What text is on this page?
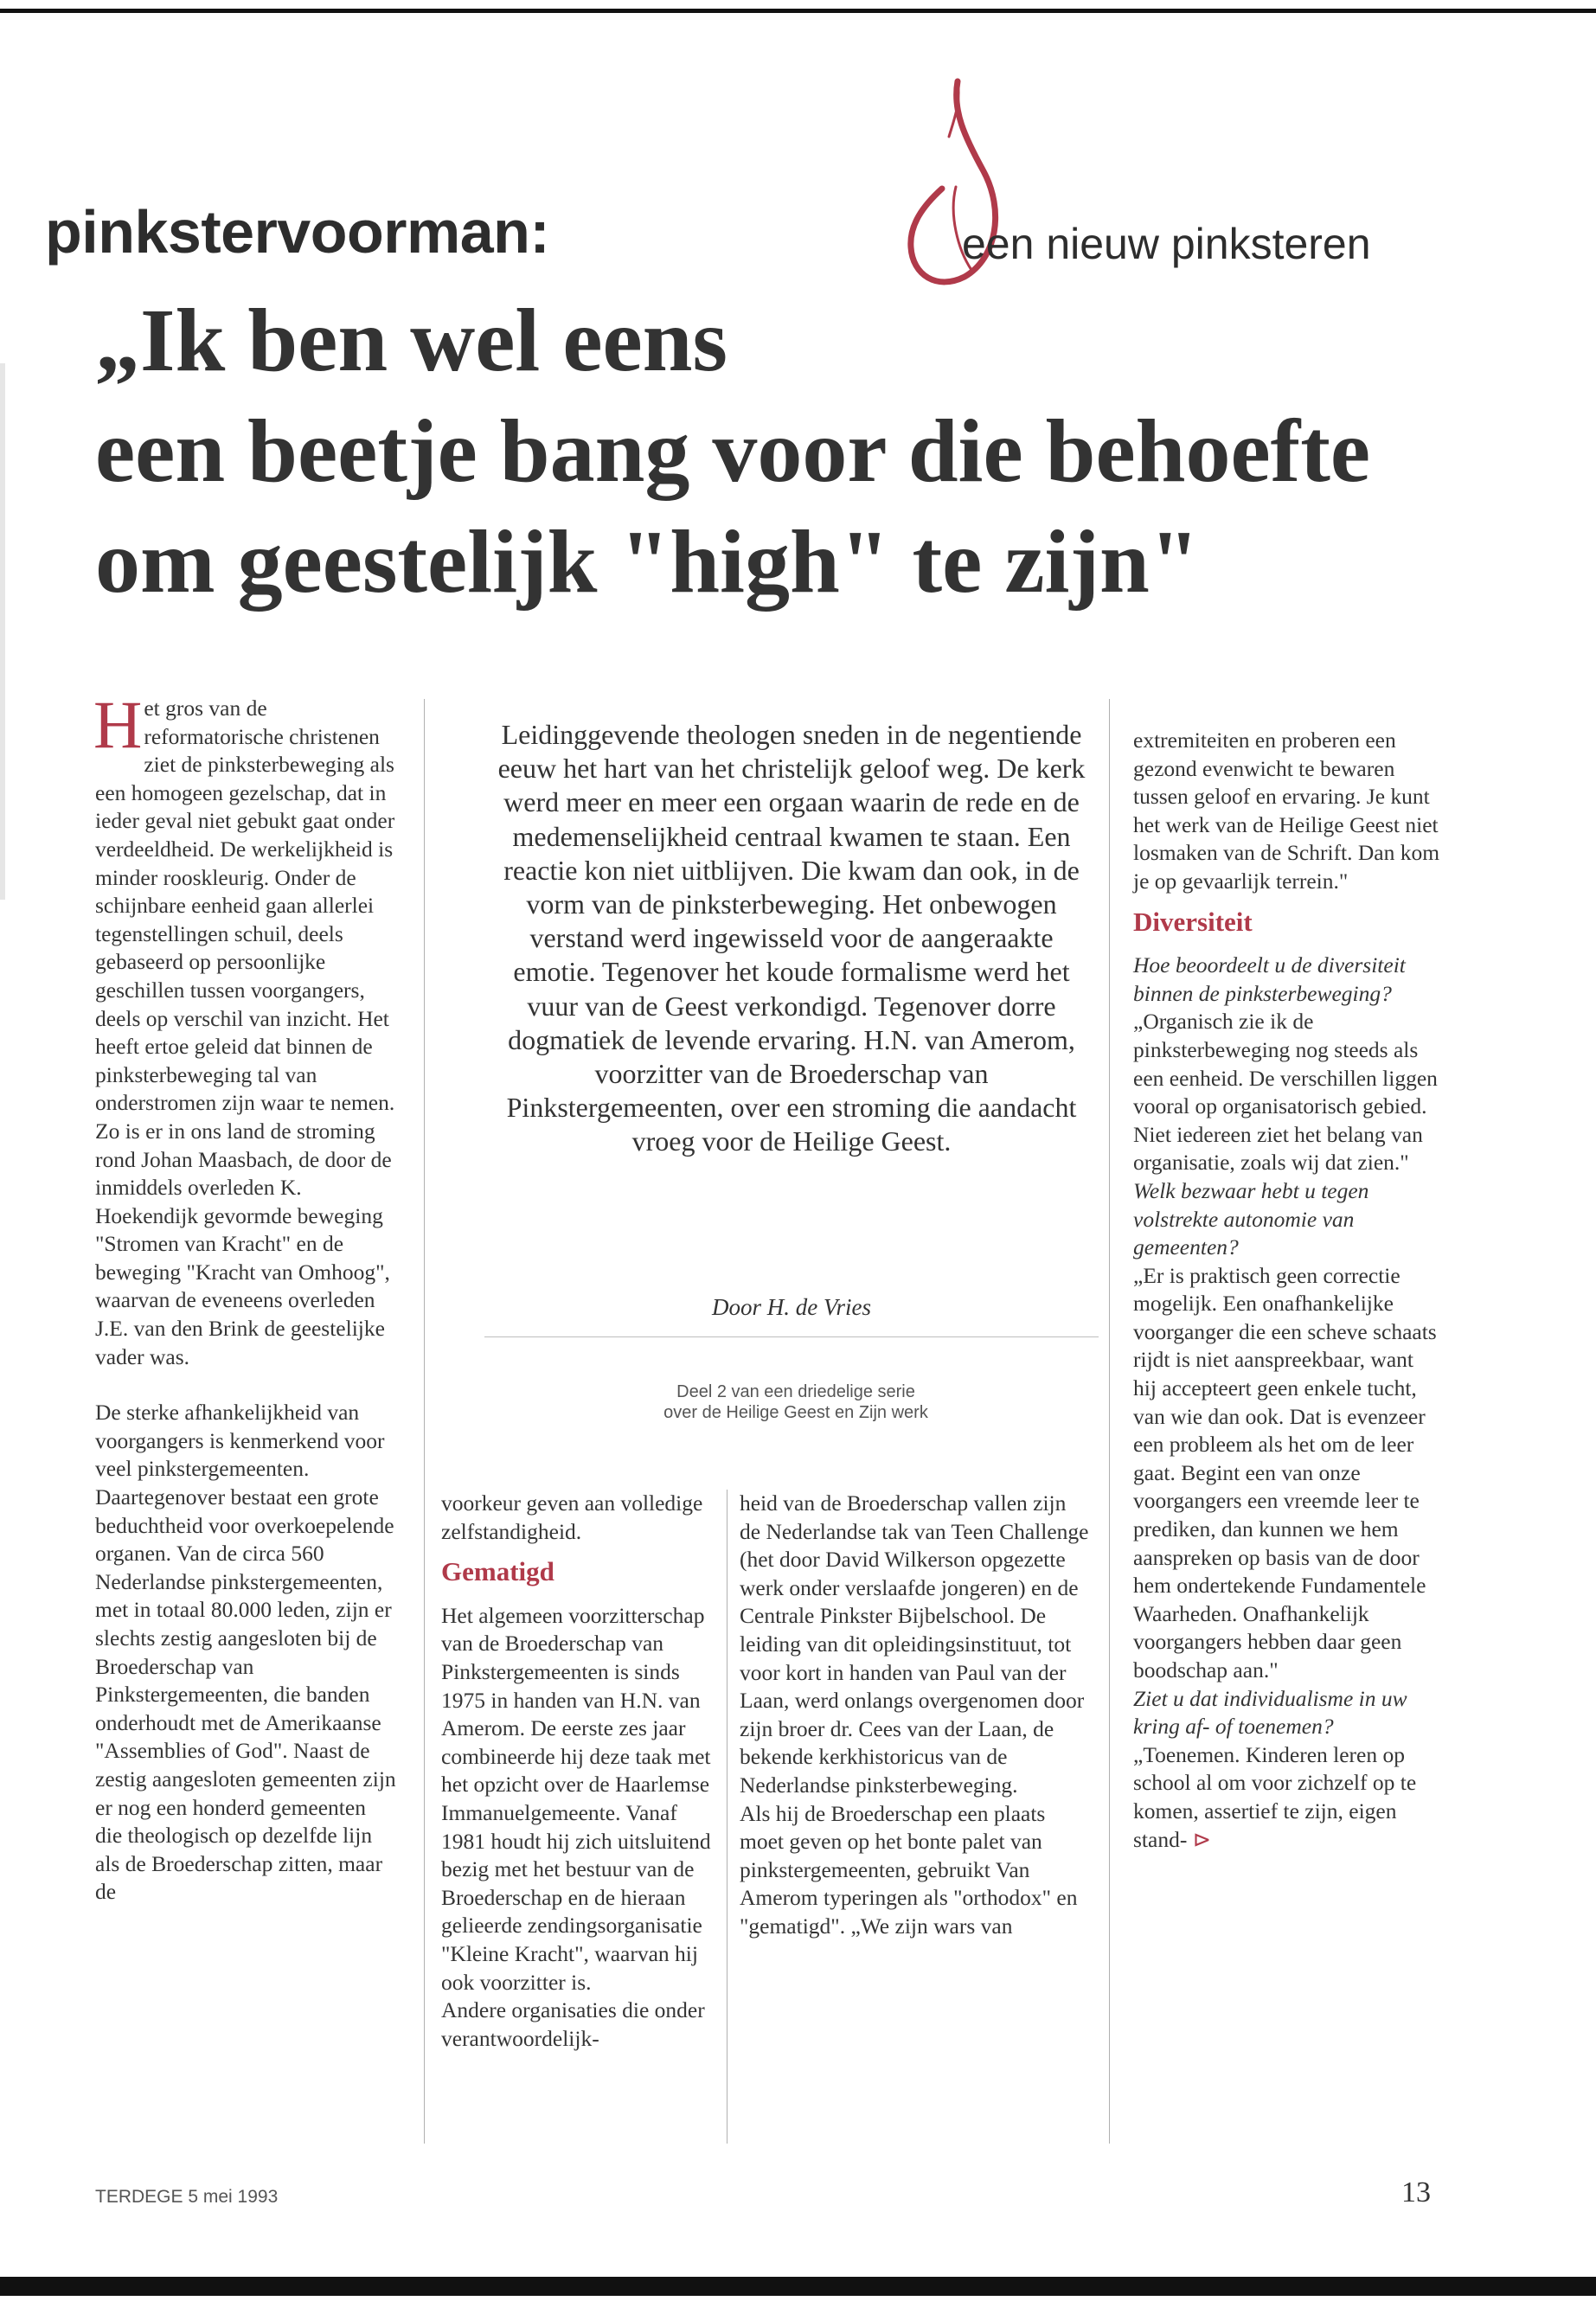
pinkstervoorman:	een nieuw pinksteren
„Ik ben wel eens
een beetje bang voor die behoefte
om geestelijk "high" te zijn"

Het gros van de reformatorische christenen ziet de pinksterbeweging als een homogeen gezelschap, dat in ieder geval niet gebukt gaat onder verdeeldheid. De werkelijkheid is minder rooskleurig. Onder de schijnbare eenheid gaan allerlei tegenstellingen schuil, deels gebaseerd op persoonlijke geschillen tussen voorgangers, deels op verschil van inzicht. Het heeft ertoe geleid dat binnen de pinksterbeweging tal van onderstromen zijn waar te nemen. Zo is er in ons land de stroming rond Johan Maasbach, de door de inmiddels overleden K. Hoekendijk gevormde beweging "Stromen van Kracht" en de beweging "Kracht van Omhoog", waarvan de eveneens overleden J.E. van den Brink de geestelijke vader was.

De sterke afhankelijkheid van voorgangers is kenmerkend voor veel pinkstergemeenten. Daartegenover bestaat een grote beduchtheid voor overkoepelende organen. Van de circa 560 Nederlandse pinkstergemeenten, met in totaal 80.000 leden, zijn er slechts zestig aangesloten bij de Broederschap van Pinkstergemeenten, die banden onderhoudt met de Amerikaanse "Assemblies of God". Naast de zestig aangesloten gemeenten zijn er nog een honderd gemeenten die theologisch op dezelfde lijn als de Broederschap zitten, maar de

Leidinggevende theologen sneden in de negentiende eeuw het hart van het christelijk geloof weg. De kerk werd meer en meer een orgaan waarin de rede en de medemenselijkheid centraal kwamen te staan. Een reactie kon niet uitblijven. Die kwam dan ook, in de vorm van de pinksterbeweging. Het onbewogen verstand werd ingewisseld voor de aangeraakte emotie. Tegenover het koude formalisme werd het vuur van de Geest verkondigd. Tegenover dorre dogmatiek de levende ervaring. H.N. van Amerom, voorzitter van de Broederschap van Pinkstergemeenten, over een stroming die aandacht vroeg voor de Heilige Geest.
Door H. de Vries
Deel 2 van een driedelige serie
over de Heilige Geest en Zijn werk

voorkeur geven aan volledige zelfstandigheid.

Gematigd

Het algemeen voorzitterschap van de Broederschap van Pinkstergemeenten is sinds 1975 in handen van H.N. van Amerom. De eerste zes jaar combineerde hij deze taak met het opzicht over de Haarlemse Immanuelgemeente. Vanaf 1981 houdt hij zich uitsluitend bezig met het bestuur van de Broederschap en de hieraan gelieerde zendingsorganisatie "Kleine Kracht", waarvan hij ook voorzitter is.

Andere organisaties die onder verantwoordelijk-

heid van de Broederschap vallen zijn de Nederlandse tak van Teen Challenge (het door David Wilkerson opgezette werk onder verslaafde jongeren) en de Centrale Pinkster Bijbelschool. De leiding van dit opleidingsinstituut, tot voor kort in handen van Paul van der Laan, werd onlangs overgenomen door zijn broer dr. Cees van der Laan, de bekende kerkhistoricus van de Nederlandse pinksterbeweging.

Als hij de Broederschap een plaats moet geven op het bonte palet van pinkstergemeenten, gebruikt Van Amerom typeringen als "orthodox" en "gematigd". „We zijn wars van

extremiteiten en proberen een gezond evenwicht te bewaren tussen geloof en ervaring. Je kunt het werk van de Heilige Geest niet losmaken van de Schrift. Dan kom je op gevaarlijk terrein."

Diversiteit

Hoe beoordeelt u de diversiteit binnen de pinksterbeweging?

„Organisch zie ik de pinksterbeweging nog steeds als een eenheid. De verschillen liggen vooral op organisatorisch gebied. Niet iedereen ziet het belang van organisatie, zoals wij dat zien."

Welk bezwaar hebt u tegen volstrekte autonomie van gemeenten?

„Er is praktisch geen correctie mogelijk. Een onafhankelijke voorganger die een scheve schaats rijdt is niet aanspreekbaar, want hij accepteert geen enkele tucht, van wie dan ook. Dat is evenzeer een probleem als het om de leer gaat. Begint een van onze voorgangers een vreemde leer te prediken, dan kunnen we hem aanspreken op basis van de door hem ondertekende Fundamentele Waarheden. Onafhankelijk voorgangers hebben daar geen boodschap aan."

Ziet u dat individualisme in uw kring af- of toenemen?

„Toenemen. Kinderen leren op school al om voor zichzelf op te komen, assertief te zijn, eigen stand- ⊳

TERDEGE 5 mei 1993	13
